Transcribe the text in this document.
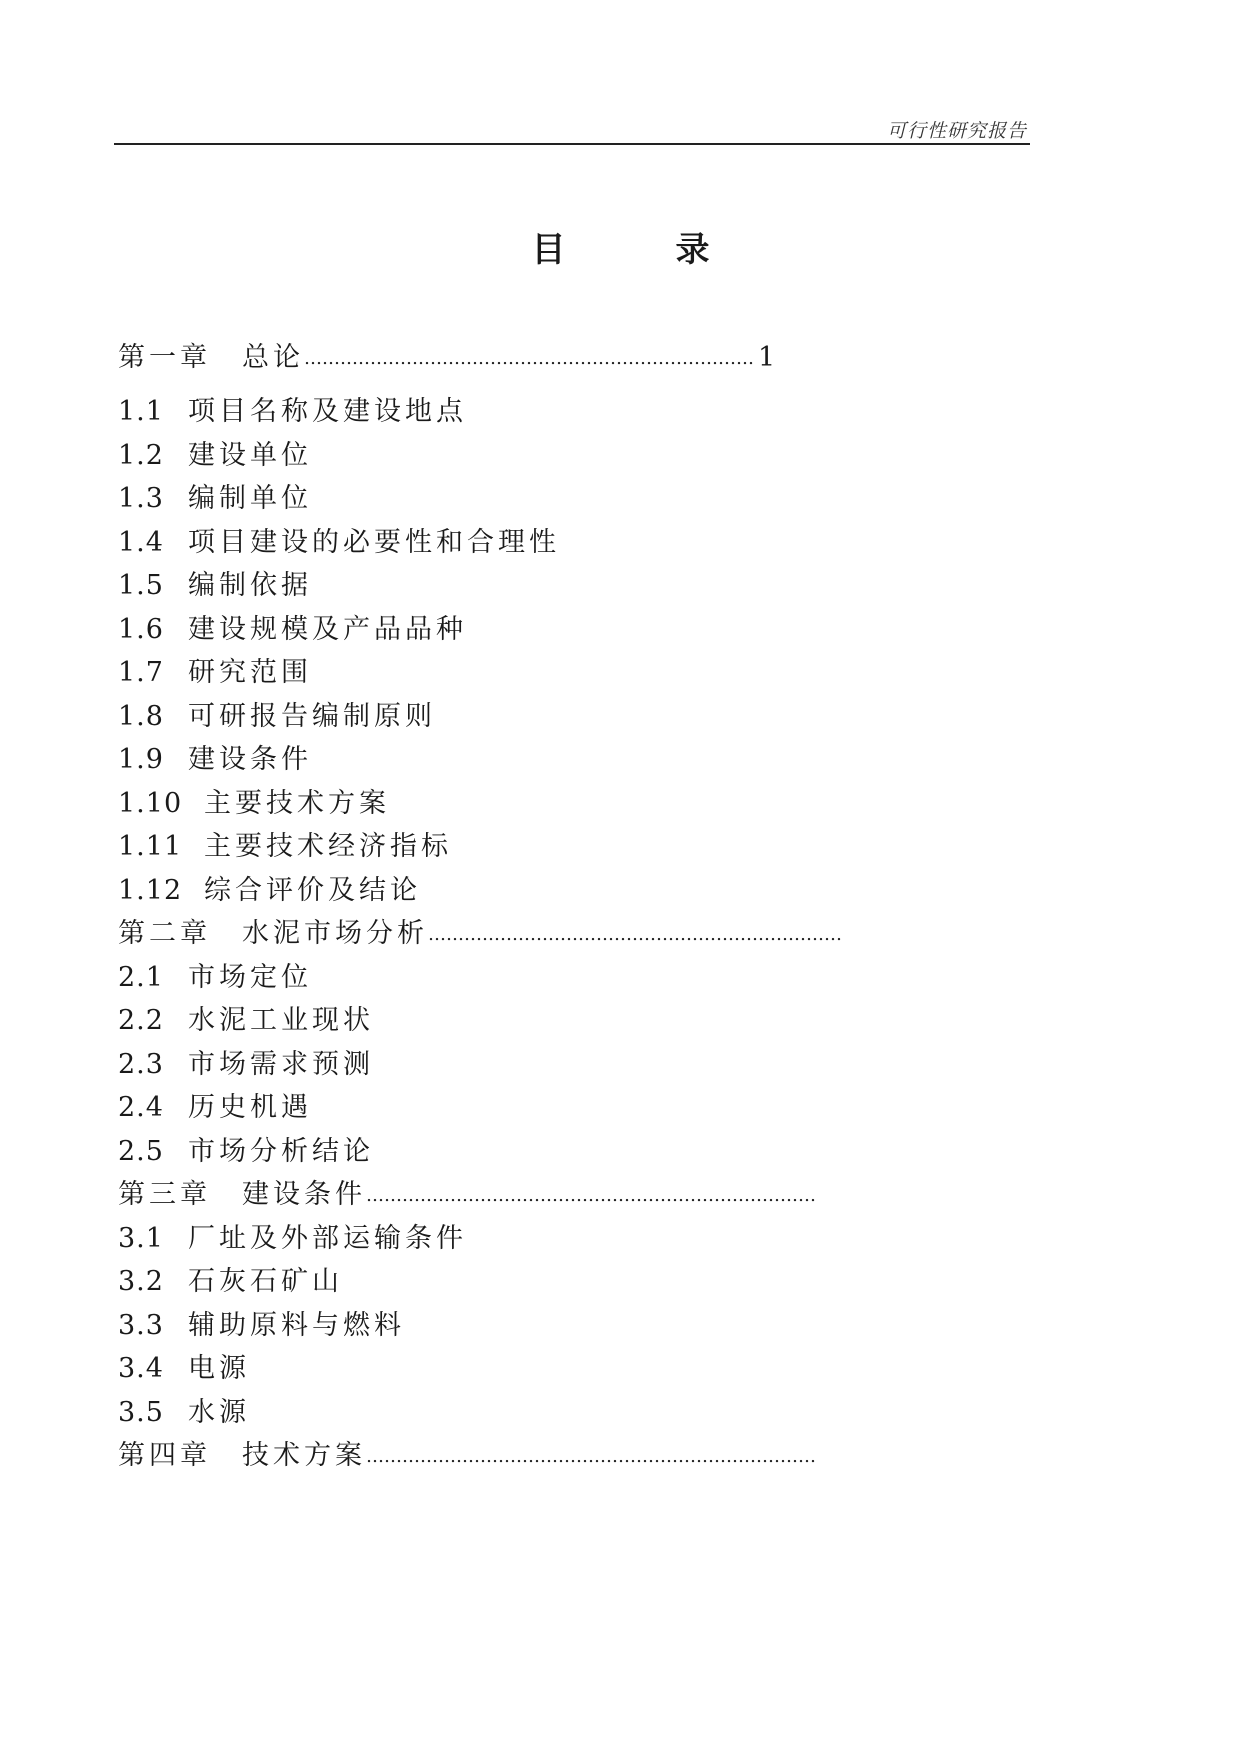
可行性研究报告
目	录
第一章 总论………………………………………………………………… 1
1.1 项目名称及建设地点
1.2 建设单位
1.3 编制单位
1.4 项目建设的必要性和合理性
1.5 编制依据
1.6 建设规模及产品品种
1.7 研究范围
1.8 可研报告编制原则
1.9 建设条件
1.10 主要技术方案
1.11 主要技术经济指标
1.12 综合评价及结论
第二章 水泥市场分析……………………………………………………………
2.1 市场定位
2.2 水泥工业现状
2.3 市场需求预测
2.4 历史机遇
2.5 市场分析结论
第三章 建设条件…………………………………………………………………
3.1 厂址及外部运输条件
3.2 石灰石矿山
3.3 辅助原料与燃料
3.4 电源
3.5 水源
第四章 技术方案…………………………………………………………………
